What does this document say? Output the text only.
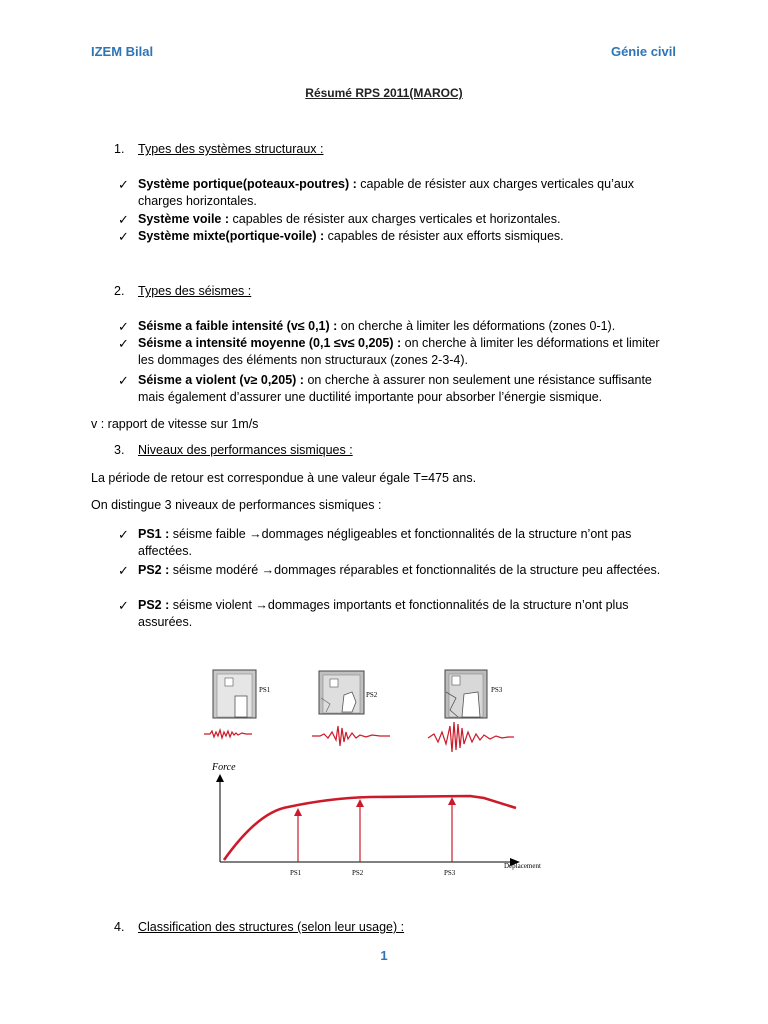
IZEM Bilal	Génie civil
Résumé RPS 2011(MAROC)
1. Types des systèmes structuraux :
✓ Système portique(poteaux-poutres) : capable de résister aux charges verticales qu’aux charges horizontales.
✓ Système voile : capables de résister aux charges verticales et horizontales.
✓ Système mixte(portique-voile) : capables de résister aux efforts sismiques.
2. Types des séismes :
✓ Séisme a faible intensité (v≤ 0,1) : on cherche à limiter les déformations (zones 0-1).
✓ Séisme a intensité moyenne (0,1 ≤v≤ 0,205) : on cherche à limiter les déformations et limiter les dommages des éléments non structuraux (zones 2-3-4).
✓ Séisme a violent (v≥ 0,205) : on cherche à assurer non seulement une résistance suffisante mais également d’assurer une ductilité importante pour absorber l’énergie sismique.
v : rapport de vitesse sur 1m/s
3. Niveaux des performances sismiques :
La période de retour est correspondue à une valeur égale T=475 ans.
On distingue 3 niveaux de performances sismiques :
✓ PS1 : séisme faible →dommages négligeables et fonctionnalités de la structure n’ont pas affectées.
✓ PS2 : séisme modéré →dommages réparables et fonctionnalités de la structure peu affectées.
✓ PS2 : séisme violent →dommages importants et fonctionnalités de la structure n’ont plus assurées.
PS1
PS2
PS3
Force
Déplacement
PS1	PS2	PS3
4. Classification des structures (selon leur usage) :
1
